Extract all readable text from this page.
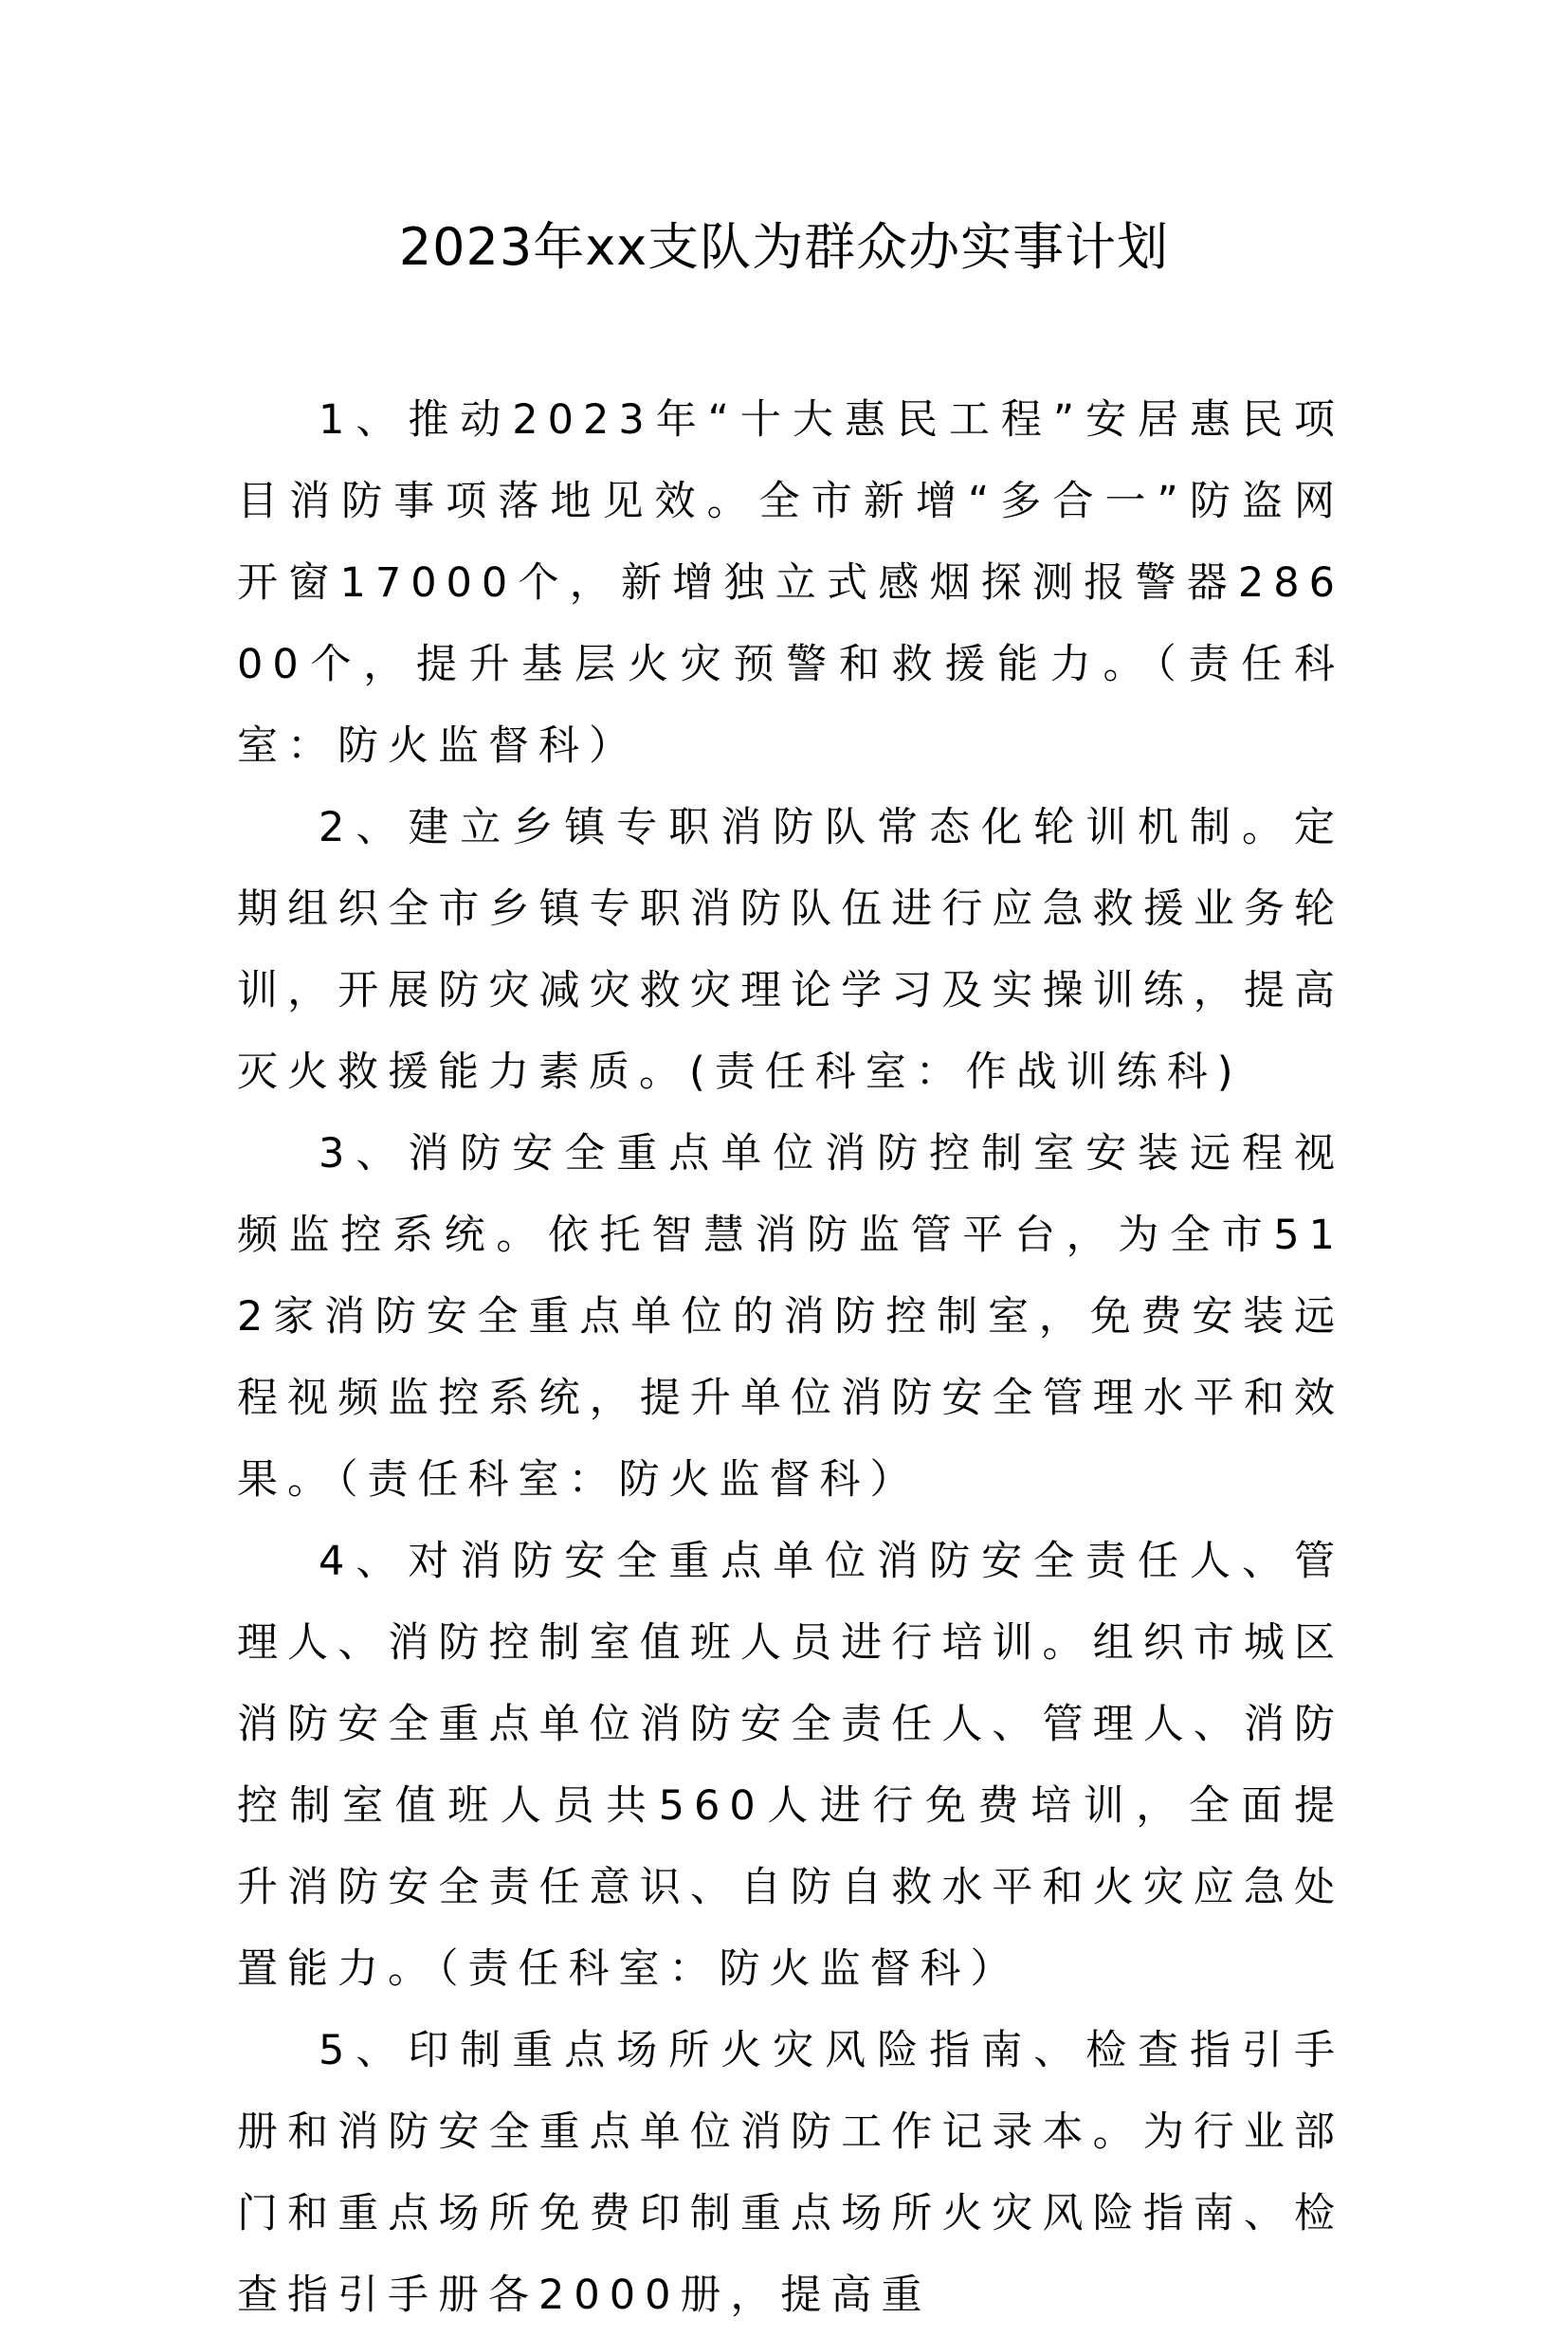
2023年xx支队为群众办实事计划

1、推动2023年“十大惠民工程”安居惠民项目消防事项落地见效。全市新增“多合一”防盗网开窗17000个，新增独立式感烟探测报警器28600个，提升基层火灾预警和救援能力。（责任科室：防火监督科）

2、建立乡镇专职消防队常态化轮训机制。定期组织全市乡镇专职消防队伍进行应急救援业务轮训，开展防灾减灾救灾理论学习及实操训练，提高灭火救援能力素质。(责任科室：作战训练科)

3、消防安全重点单位消防控制室安装远程视频监控系统。依托智慧消防监管平台，为全市512家消防安全重点单位的消防控制室，免费安装远程视频监控系统，提升单位消防安全管理水平和效果。（责任科室：防火监督科）

4、对消防安全重点单位消防安全责任人、管理人、消防控制室值班人员进行培训。组织市城区消防安全重点单位消防安全责任人、管理人、消防控制室值班人员共560人进行免费培训，全面提升消防安全责任意识、自防自救水平和火灾应急处置能力。（责任科室：防火监督科）

5、印制重点场所火灾风险指南、检查指引手册和消防安全重点单位消防工作记录本。为行业部门和重点场所免费印制重点场所火灾风险指南、检查指引手册各2000册，提高重
